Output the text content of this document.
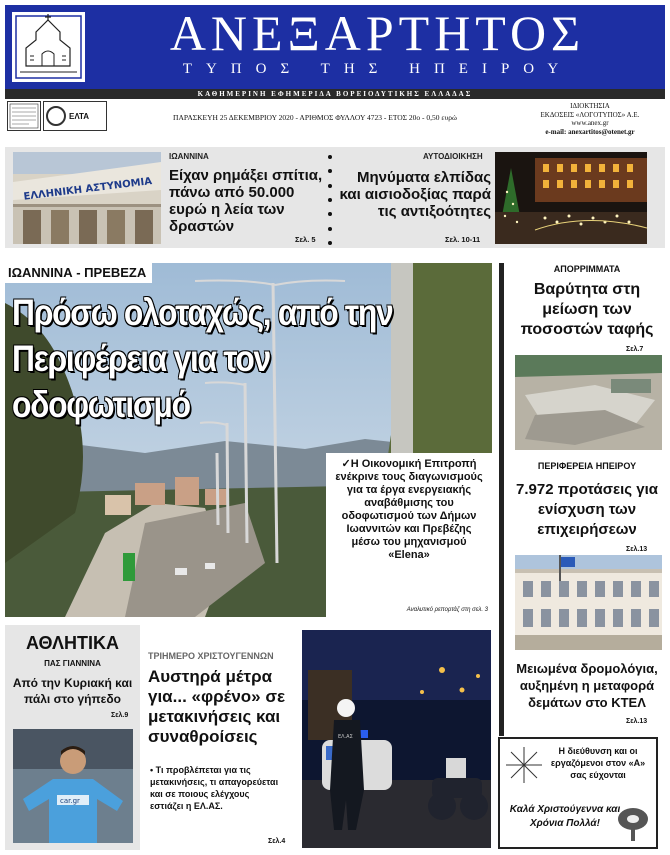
ΑΝΕΞΑΡΤΗΤΟΣ
ΤΥΠΟΣ ΤΗΣ ΗΠΕΙΡΟΥ
ΚΑΘΗΜΕΡΙΝΗ ΕΦΗΜΕΡΙΔΑ ΒΟΡΕΙΟΔΥΤΙΚΗΣ ΕΛΛΑΔΑΣ
ΕΛΤΑ	ΠΑΡΑΣΚΕΥΗ 25 ΔΕΚΕΜΒΡΙΟΥ 2020 - ΑΡΙΘΜΟΣ ΦΥΛΛΟΥ 4723 - ΕΤΟΣ 20ο - 0,50 ευρώ
ΙΔΙΟΚΤΗΣΙΑ
ΕΚΔΟΣΕΙΣ «ΛΟΓΟΤΥΠΟΣ» Α.Ε.
www.anex.gr
e-mail: anexartitos@otenet.gr
ΕΛΛΗΝΙΚΗ ΑΣΤΥΝΟΜΙΑ
ΙΩΑΝΝΙΝΑ
Είχαν ρημάξει σπίτια, πάνω από 50.000 ευρώ η λεία των δραστών
Σελ. 5
ΑΥΤΟΔΙΟΙΚΗΣΗ
Μηνύματα ελπίδας και αισιοδοξίας παρά τις αντιξοότητες
Σελ. 10-11
ΙΩΑΝΝΙΝΑ - ΠΡΕΒΕΖΑ
Πρόσω ολοταχώς, από την Περιφέρεια για τον οδοφωτισμό
✓Η Οικονομική Επιτροπή ενέκρινε τους διαγωνισμούς για τα έργα ενεργειακής αναβάθμισης του οδοφωτισμού των Δήμων Ιωαννιτών και Πρεβέζης μέσω του μηχανισμού «Elena»
Αναλυτικό ρεπορτάζ στη σελ. 3
ΑΠΟΡΡΙΜΜΑΤΑ
Βαρύτητα στη μείωση των ποσοστών ταφής
Σελ.7
ΠΕΡΙΦΕΡΕΙΑ ΗΠΕΙΡΟΥ
7.972 προτάσεις για ενίσχυση των επιχειρήσεων
Σελ.13
Μειωμένα δρομολόγια, αυξημένη η μεταφορά δεμάτων στο ΚΤΕΛ
Σελ.13
ΑΘΛΗΤΙΚΑ
ΠΑΣ ΓΙΑΝΝΙΝΑ
Από την Κυριακή και πάλι στο γήπεδο
Σελ.9
car.gr
ΤΡΙΗΜΕΡΟ ΧΡΙΣΤΟΥΓΕΝΝΩΝ
Αυστηρά μέτρα για... «φρένο» σε μετακινήσεις και συναθροίσεις
• Τι προβλέπεται για τις μετακινήσεις, τι απαγορεύεται και σε ποιους ελέγχους εστιάζει η ΕΛ.ΑΣ.
Σελ.4
ΕΛ.ΑΣ
Η διεύθυνση και οι εργαζόμενοι στον «Α» σας εύχονται
Καλά Χριστούγεννα και Χρόνια Πολλά!
